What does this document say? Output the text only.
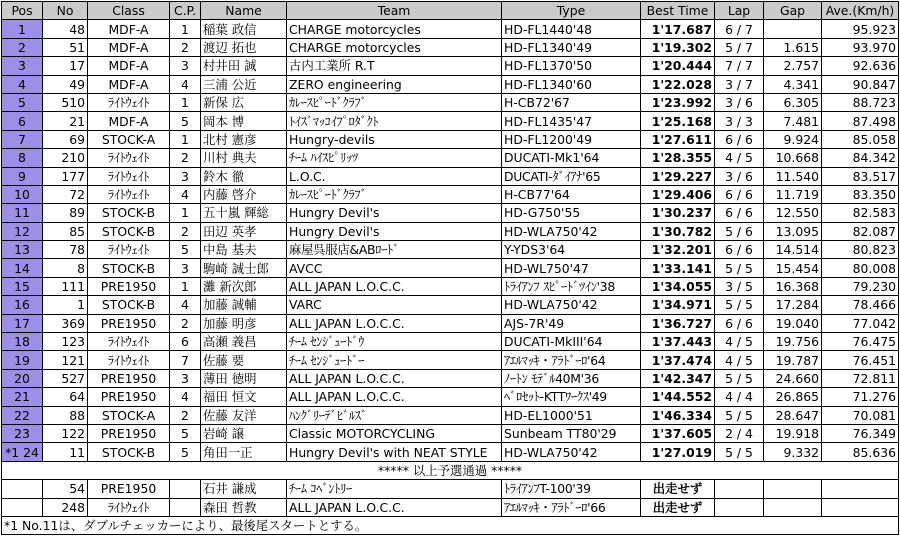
Pos	No	Class	C.P.	Name	Team	Type	Best Time	Lap	Gap	Ave.(Km/h)
1	48	MDF-A	1	稲葉 政信	CHARGE motorcycles	HD-FL1440'48	1'17.687	6 / 7		95.923
2	51	MDF-A	2	渡辺 拓也	CHARGE motorcycles	HD-FL1340'49	1'19.302	5 / 7	1.615	93.970
3	17	MDF-A	3	村井田 誠	古内工業所 R.T	HD-FL1370'50	1'20.444	7 / 7	2.757	92.636
4	49	MDF-A	4	三浦 公近	ZERO engineering	HD-FL1340'60	1'22.028	3 / 7	4.341	90.847
5	510	ﾗｲﾄｳｪｲﾄ	1	新保 広	ｶﾚｰｽﾋﾟｰﾄﾞｸﾗﾌﾞ	H-CB72'67	1'23.992	3 / 6	6.305	88.723
6	21	MDF-A	5	岡本 博	ﾄｲｽﾞﾏｯｺｲﾌﾟﾛﾀﾞｸﾄ	HD-FL1435'47	1'25.168	3 / 3	7.481	87.498
7	69	STOCK-A	1	北村 憲彦	Hungry-devils	HD-FL1200'49	1'27.611	6 / 6	9.924	85.058
8	210	ﾗｲﾄｳｪｲﾄ	2	川村 典夫	ﾁｰﾑ ﾊｲｽﾋﾟﾘｯﾂ	DUCATI-Mk1'64	1'28.355	4 / 5	10.668	84.342
9	177	ﾗｲﾄｳｪｲﾄ	3	鈴木 徹	L.O.C.	DUCATI-ﾀﾞｲｱﾅ'65	1'29.227	3 / 6	11.540	83.517
10	72	ﾗｲﾄｳｪｲﾄ	4	内藤 啓介	ｶﾚｰｽﾋﾟｰﾄﾞｸﾗﾌﾞ	H-CB77'64	1'29.406	6 / 6	11.719	83.350
11	89	STOCK-B	1	五十嵐 輝総	Hungry Devil's	HD-G750'55	1'30.237	6 / 6	12.550	82.583
12	85	STOCK-B	2	田辺 英孝	Hungry Devil's	HD-WLA750'42	1'30.782	5 / 6	13.095	82.087
13	78	ﾗｲﾄｳｪｲﾄ	5	中島 基夫	麻屋呉服店&ABﾛｰﾄﾞ	Y-YDS3'64	1'32.201	6 / 6	14.514	80.823
14	8	STOCK-B	3	駒崎 誠士郎	AVCC	HD-WL750'47	1'33.141	5 / 5	15.454	80.008
15	111	PRE1950	1	灘 新次郎	ALL JAPAN L.O.C.C.	ﾄﾗｲｱﾝﾌ ｽﾋﾟｰﾄﾞﾂｲﾝ'38	1'34.055	3 / 5	16.368	79.230
16	1	STOCK-B	4	加藤 誠輔	VARC	HD-WLA750'42	1'34.971	5 / 5	17.284	78.466
17	369	PRE1950	2	加藤 明彦	ALL JAPAN L.O.C.C.	AJS-7R'49	1'36.727	6 / 6	19.040	77.042
18	123	ﾗｲﾄｳｪｲﾄ	6	高瀬 義昌	ﾁｰﾑ ｾﾝｼﾞｭｰﾄﾞｳ	DUCATI-MkIII'64	1'37.443	4 / 5	19.756	76.475
19	121	ﾗｲﾄｳｪｲﾄ	7	佐藤 要	ﾁｰﾑ ｾﾝｼﾞｭｰﾄﾞｰ	ｱｴﾙﾏｯｷ・ｱﾗﾄﾞｰﾛ'64	1'37.474	4 / 5	19.787	76.451
20	527	PRE1950	3	薄田 徳明	ALL JAPAN L.O.C.C.	ﾉｰﾄﾝ ﾓﾃﾞﾙ40M'36	1'42.347	5 / 5	24.660	72.811
21	64	PRE1950	4	福田 恒文	ALL JAPAN L.O.C.C.	ﾍﾞﾛｾｯﾄ-KTTﾜｰｸｽ'49	1'44.552	4 / 4	26.865	71.276
22	88	STOCK-A	2	佐藤 友洋	ﾊﾝｸﾞﾘｰﾃﾞﾋﾞﾙｽﾞ	HD-EL1000'51	1'46.334	5 / 5	28.647	70.081
23	122	PRE1950	5	岩崎 譲	Classic MOTORCYCLING	Sunbeam TT80'29	1'37.605	2 / 4	19.918	76.349
*1 24	11	STOCK-B	5	角田一正	Hungry Devil's with NEAT STYLE	HD-WLA750'42	1'27.019	5 / 5	9.332	85.636
***** 以上予選通過 *****										
	54	PRE1950		石井 謙成	ﾁｰﾑ ｺﾍﾞﾝﾄﾘｰ	ﾄﾗｲｱﾝﾌT-100'39	出走せず			
	248	ﾗｲﾄｳｪｲﾄ		森田 哲教	ALL JAPAN L.O.C.C.	ｱｴﾙﾏｯｷ・ｱﾗﾄﾞｰﾛ'66	出走せず			
*1 No.11は、ダブルチェッカーにより、最後尾スタートとする。										
